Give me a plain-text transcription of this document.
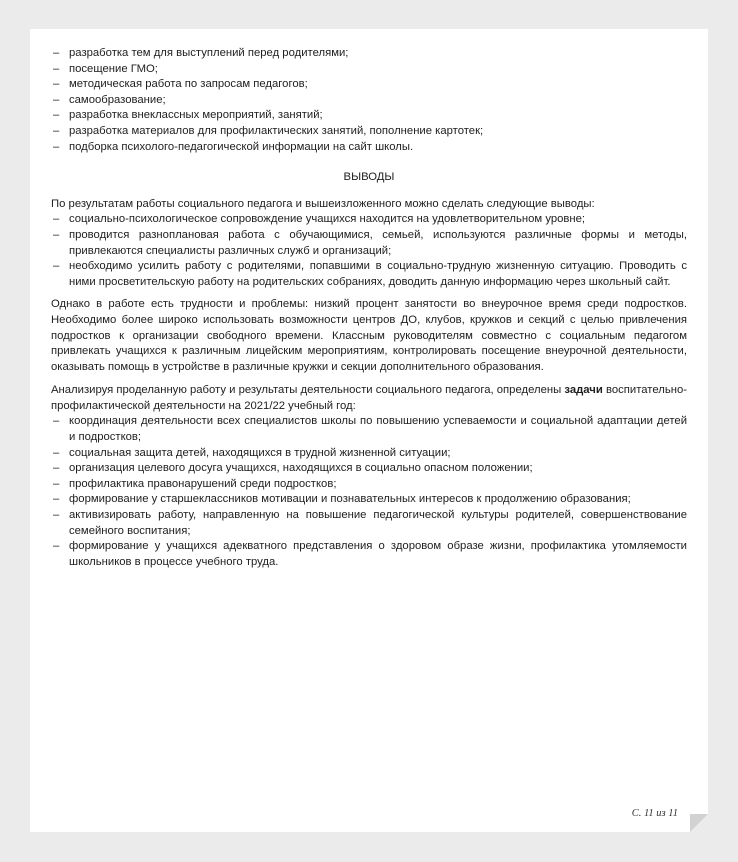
– разработка тем для выступлений перед родителями;
– посещение ГМО;
– методическая работа по запросам педагогов;
– самообразование;
– разработка внеклассных мероприятий, занятий;
– разработка материалов для профилактических занятий, пополнение картотек;
– подборка психолого-педагогической информации на сайт школы.
ВЫВОДЫ

По результатам работы социального педагога и вышеизложенного можно сделать следующие выводы:

– социально-психологическое сопровождение учащихся находится на удовлетворительном уровне;
– проводится разноплановая работа с обучающимися, семьей, используются различные формы и методы, привлекаются специалисты различных служб и организаций;
– необходимо усилить работу с родителями, попавшими в социально-трудную жизненную ситуацию. Проводить с ними просветительскую работу на родительских собраниях, доводить данную информацию через школьный сайт.

Однако в работе есть трудности и проблемы: низкий процент занятости во внеурочное время среди подростков. Необходимо более широко использовать возможности центров ДО, клубов, кружков и секций с целью привлечения подростков к организации свободного времени. Классным руководителям совместно с социальным педагогом привлекать учащихся к различным лицейским мероприятиям, контролировать посещение внеурочной деятельности, оказывать помощь в устройстве в различные кружки и секции дополнительного образования.

Анализируя проделанную работу и результаты деятельности социального педагога, определены задачи воспитательно-профилактической деятельности на 2021/22 учебный год:

– координация деятельности всех специалистов школы по повышению успеваемости и социальной адаптации детей и подростков;
– социальная защита детей, находящихся в трудной жизненной ситуации;
– организация целевого досуга учащихся, находящихся в социально опасном положении;
– профилактика правонарушений среди подростков;
– формирование у старшеклассников мотивации и познавательных интересов к продолжению образования;
– активизировать работу, направленную на повышение педагогической культуры родителей, совершенствование семейного воспитания;
– формирование у учащихся адекватного представления о здоровом образе жизни, профилактика утомляемости школьников в процессе учебного труда.
С. 11 из 11
